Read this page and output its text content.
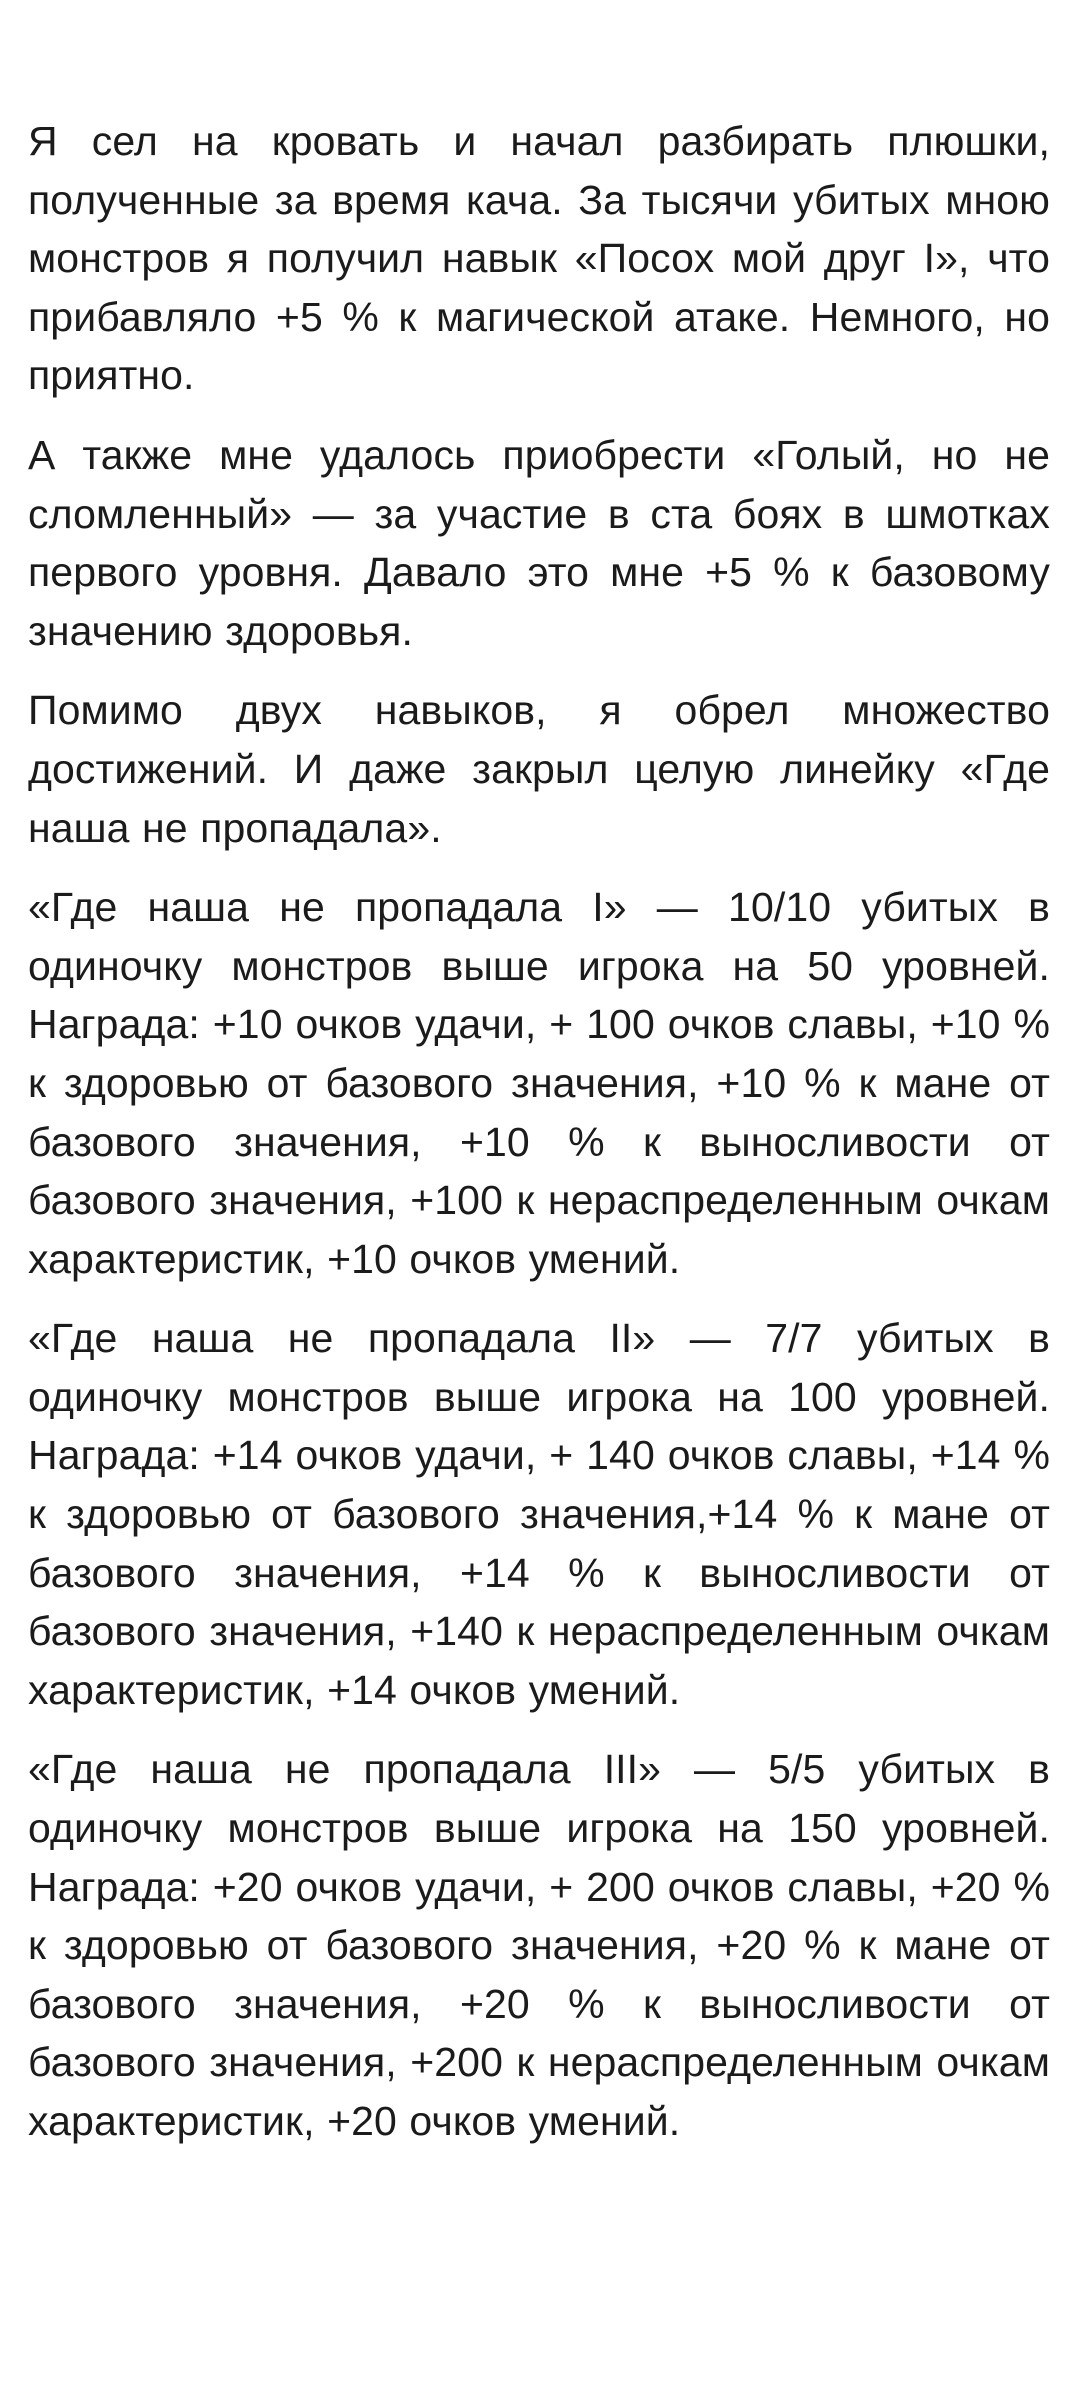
Я сел на кровать и начал разбирать плюшки, полученные за время кача. За тысячи убитых мною монстров я получил навык «Посох мой друг I», что прибавляло +5 % к магической атаке. Немного, но приятно.

А также мне удалось приобрести «Голый, но не сломленный» — за участие в ста боях в шмотках первого уровня. Давало это мне +5 % к базовому значению здоровья.

Помимо двух навыков, я обрел множество достижений. И даже закрыл целую линейку «Где наша не пропадала».

«Где наша не пропадала I» — 10/10 убитых в одиночку монстров выше игрока на 50 уровней. Награда: +10 очков удачи, + 100 очков славы, +10 % к здоровью от базового значения, +10 % к мане от базового значения, +10 % к выносливости от базового значения, +100 к нераспределенным очкам характеристик, +10 очков умений.

«Где наша не пропадала II» — 7/7 убитых в одиночку монстров выше игрока на 100 уровней. Награда: +14 очков удачи, + 140 очков славы, +14 % к здоровью от базового значения,+14 % к мане от базового значения, +14 % к выносливости от базового значения, +140 к нераспределенным очкам характеристик, +14 очков умений.

«Где наша не пропадала III» — 5/5 убитых в одиночку монстров выше игрока на 150 уровней. Награда: +20 очков удачи, + 200 очков славы, +20 % к здоровью от базового значения, +20 % к мане от базового значения, +20 % к выносливости от базового значения, +200 к нераспределенным очкам характеристик, +20 очков умений.
